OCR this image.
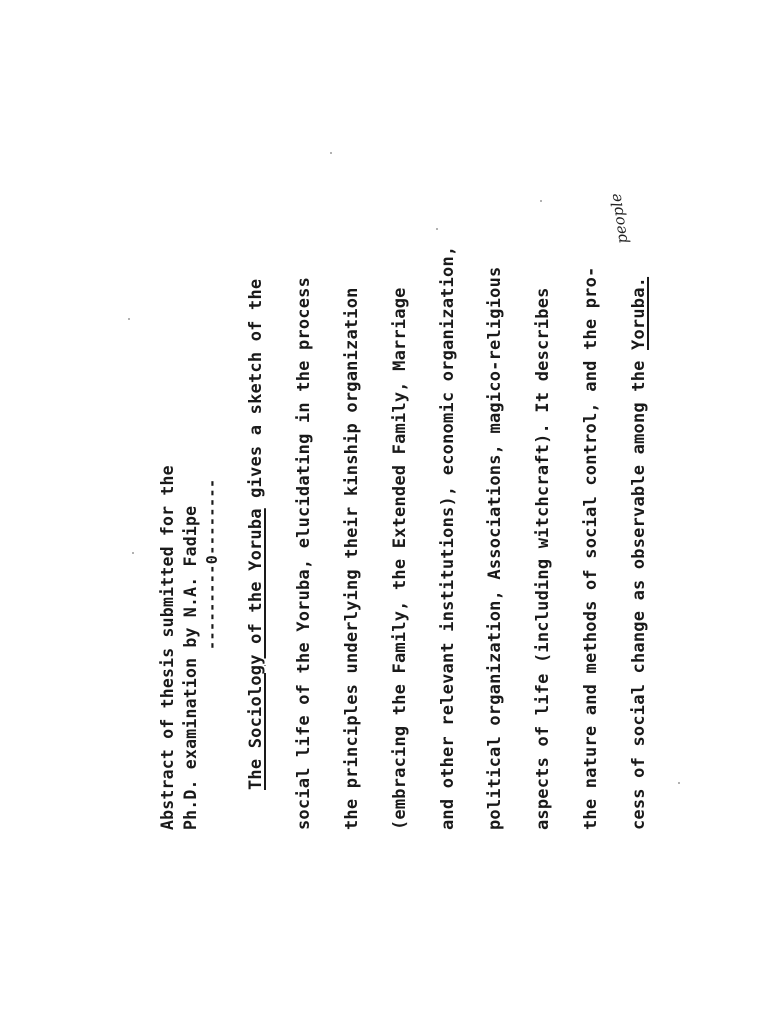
Abstract of thesis submitted for the Ph.D. examination by N.A. Fadipe ---------0-------- The Sociology of the Yoruba gives a sketch of the social life of the Yoruba, elucidating in the process the principles underlying their kinship organization (embracing the Family, the Extended Family, Marriage and other relevant institutions), economic organization, political organization, Associations, magico-religious aspects of life (including witchcraft). It describes the nature and methods of social control, and the pro- cess of social change as observable among the Yoruba.
people
